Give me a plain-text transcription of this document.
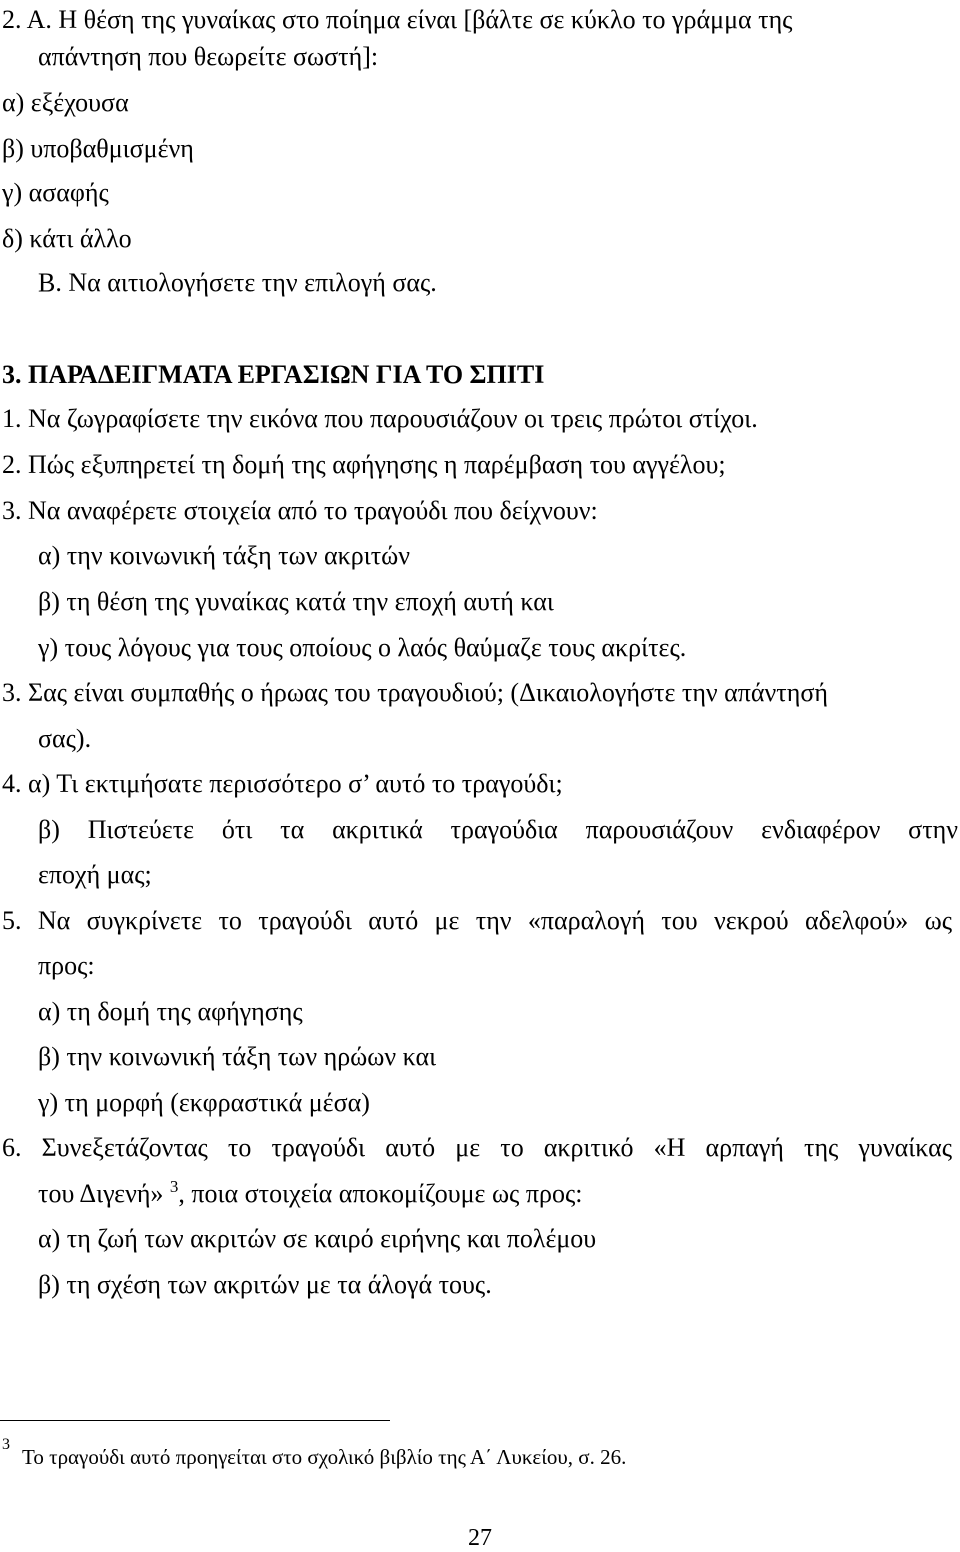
2. Α. Η θέση της γυναίκας στο ποίημα είναι [βάλτε σε κύκλο το γράμμα της
απάντηση που θεωρείτε σωστή]:
α) εξέχουσα
β) υποβαθμισμένη
γ) ασαφής
δ) κάτι άλλο
Β. Να αιτιολογήσετε την επιλογή σας.
3. ΠΑΡΑΔΕΙΓΜΑΤΑ ΕΡΓΑΣΙΩΝ ΓΙΑ ΤΟ ΣΠΙΤΙ
1. Να ζωγραφίσετε την εικόνα που παρουσιάζουν οι τρεις πρώτοι στίχοι.
2. Πώς εξυπηρετεί τη δομή της αφήγησης η παρέμβαση του αγγέλου;
3. Να αναφέρετε στοιχεία από το τραγούδι που δείχνουν:
α) την κοινωνική τάξη των ακριτών
β) τη θέση της γυναίκας κατά την εποχή αυτή και
γ) τους λόγους για τους οποίους ο λαός θαύμαζε τους ακρίτες.
3. Σας είναι συμπαθής ο ήρωας του τραγουδιού; (Δικαιολογήστε την απάντησή
σας).
4. α) Τι εκτιμήσατε περισσότερο σ’ αυτό το τραγούδι;
β) Πιστεύετε ότι τα ακριτικά τραγούδια παρουσιάζουν ενδιαφέρον στην
εποχή μας;
5. Να συγκρίνετε το τραγούδι αυτό με την «παραλογή του νεκρού αδελφού» ως
προς:
α) τη δομή της αφήγησης
β) την κοινωνική τάξη των ηρώων και
γ) τη μορφή (εκφραστικά μέσα)
6. Συνεξετάζοντας το τραγούδι αυτό με το ακριτικό «Η αρπαγή της γυναίκας
του Διγενή» $^3$, ποια στοιχεία αποκομίζουμε ως προς:
α) τη ζωή των ακριτών σε καιρό ειρήνης και πολέμου
β) τη σχέση των ακριτών με τα άλογά τους.
3
Το τραγούδι αυτό προηγείται στο σχολικό βιβλίο της Α΄ Λυκείου, σ. 26.
27
